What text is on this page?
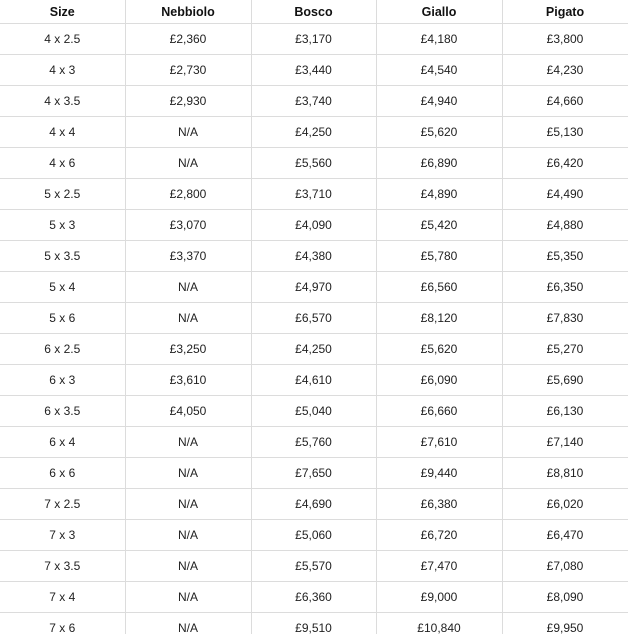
Size	Nebbiolo	Bosco	Giallo	Pigato
4 x 2.5	£2,360	£3,170	£4,180	£3,800
4 x 3	£2,730	£3,440	£4,540	£4,230
4 x 3.5	£2,930	£3,740	£4,940	£4,660
4 x 4	N/A	£4,250	£5,620	£5,130
4 x 6	N/A	£5,560	£6,890	£6,420
5 x 2.5	£2,800	£3,710	£4,890	£4,490
5 x 3	£3,070	£4,090	£5,420	£4,880
5 x 3.5	£3,370	£4,380	£5,780	£5,350
5 x 4	N/A	£4,970	£6,560	£6,350
5 x 6	N/A	£6,570	£8,120	£7,830
6 x 2.5	£3,250	£4,250	£5,620	£5,270
6 x 3	£3,610	£4,610	£6,090	£5,690
6 x 3.5	£4,050	£5,040	£6,660	£6,130
6 x 4	N/A	£5,760	£7,610	£7,140
6 x 6	N/A	£7,650	£9,440	£8,810
7 x 2.5	N/A	£4,690	£6,380	£6,020
7 x 3	N/A	£5,060	£6,720	£6,470
7 x 3.5	N/A	£5,570	£7,470	£7,080
7 x 4	N/A	£6,360	£9,000	£8,090
7 x 6	N/A	£9,510	£10,840	£9,950
